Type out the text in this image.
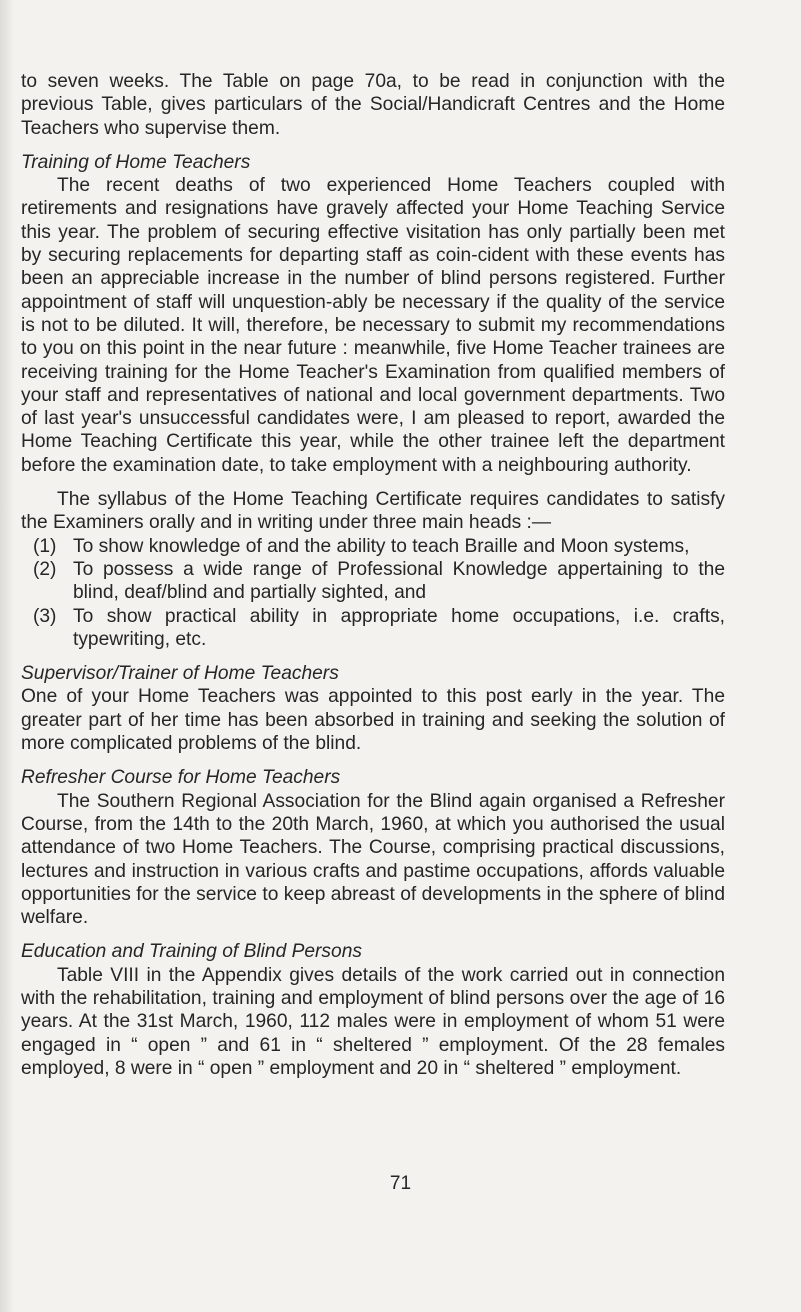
to seven weeks. The Table on page 70a, to be read in conjunction with the previous Table, gives particulars of the Social/Handicraft Centres and the Home Teachers who supervise them.

Training of Home Teachers

The recent deaths of two experienced Home Teachers coupled with retirements and resignations have gravely affected your Home Teaching Service this year. The problem of securing effective visitation has only partially been met by securing replacements for departing staff as coin-cident with these events has been an appreciable increase in the number of blind persons registered. Further appointment of staff will unquestion-ably be necessary if the quality of the service is not to be diluted. It will, therefore, be necessary to submit my recommendations to you on this point in the near future : meanwhile, five Home Teacher trainees are receiving training for the Home Teacher's Examination from qualified members of your staff and representatives of national and local government departments. Two of last year's unsuccessful candidates were, I am pleased to report, awarded the Home Teaching Certificate this year, while the other trainee left the department before the examination date, to take employment with a neighbouring authority.

The syllabus of the Home Teaching Certificate requires candidates to satisfy the Examiners orally and in writing under three main heads :—

(1) To show knowledge of and the ability to teach Braille and Moon systems,
(2) To possess a wide range of Professional Knowledge appertaining to the blind, deaf/blind and partially sighted, and
(3) To show practical ability in appropriate home occupations, i.e. crafts, typewriting, etc.

Supervisor/Trainer of Home Teachers

One of your Home Teachers was appointed to this post early in the year. The greater part of her time has been absorbed in training and seeking the solution of more complicated problems of the blind.

Refresher Course for Home Teachers

The Southern Regional Association for the Blind again organised a Refresher Course, from the 14th to the 20th March, 1960, at which you authorised the usual attendance of two Home Teachers. The Course, comprising practical discussions, lectures and instruction in various crafts and pastime occupations, affords valuable opportunities for the service to keep abreast of developments in the sphere of blind welfare.

Education and Training of Blind Persons

Table VIII in the Appendix gives details of the work carried out in connection with the rehabilitation, training and employment of blind persons over the age of 16 years. At the 31st March, 1960, 112 males were in employment of whom 51 were engaged in “ open ” and 61 in “ sheltered ” employment. Of the 28 females employed, 8 were in “ open ” employment and 20 in “ sheltered ” employment.

71
